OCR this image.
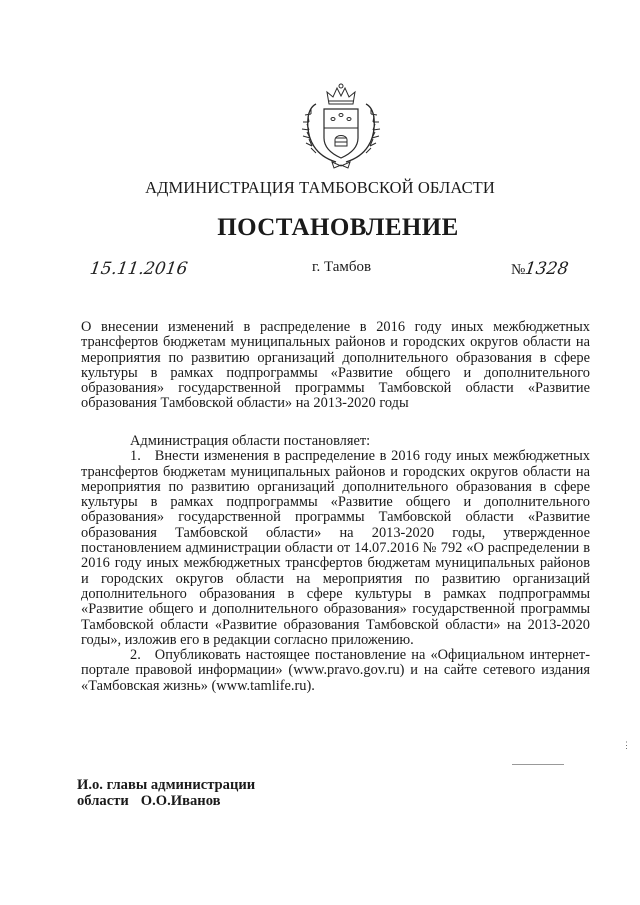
АДМИНИСТРАЦИЯ ТАМБОВСКОЙ ОБЛАСТИ
ПОСТАНОВЛЕНИЕ
15.11.2016	г. Тамбов	№1328
О внесении изменений в распределение в 2016 году иных межбюджетных трансфертов бюджетам муниципальных районов и городских округов области на мероприятия по развитию организаций дополнительного образования в сфере культуры в рамках подпрограммы «Развитие общего и дополнительного образования» государственной программы Тамбовской области «Развитие образования Тамбовской области» на 2013-2020 годы

Администрация области постановляет:

1. Внести изменения в распределение в 2016 году иных межбюджетных трансфертов бюджетам муниципальных районов и городских округов области на мероприятия по развитию организаций дополнительного образования в сфере культуры в рамках подпрограммы «Развитие общего и дополнительного образования» государственной программы Тамбовской области «Развитие образования Тамбовской области» на 2013-2020 годы, утвержденное постановлением администрации области от 14.07.2016 № 792 «О распределении в 2016 году иных межбюджетных трансфертов бюджетам муниципальных районов и городских округов области на мероприятия по развитию организаций дополнительного образования в сфере культуры в рамках подпрограммы «Развитие общего и дополнительного образования» государственной программы Тамбовской области «Развитие образования Тамбовской области» на 2013-2020 годы», изложив его в редакции согласно приложению.

2. Опубликовать настоящее постановление на «Официальном интернет-портале правовой информации» (www.pravo.gov.ru) и на сайте сетевого издания «Тамбовская жизнь» (www.tamlife.ru).

⋮
И.о. главы администрации
области О.О.Иванов
